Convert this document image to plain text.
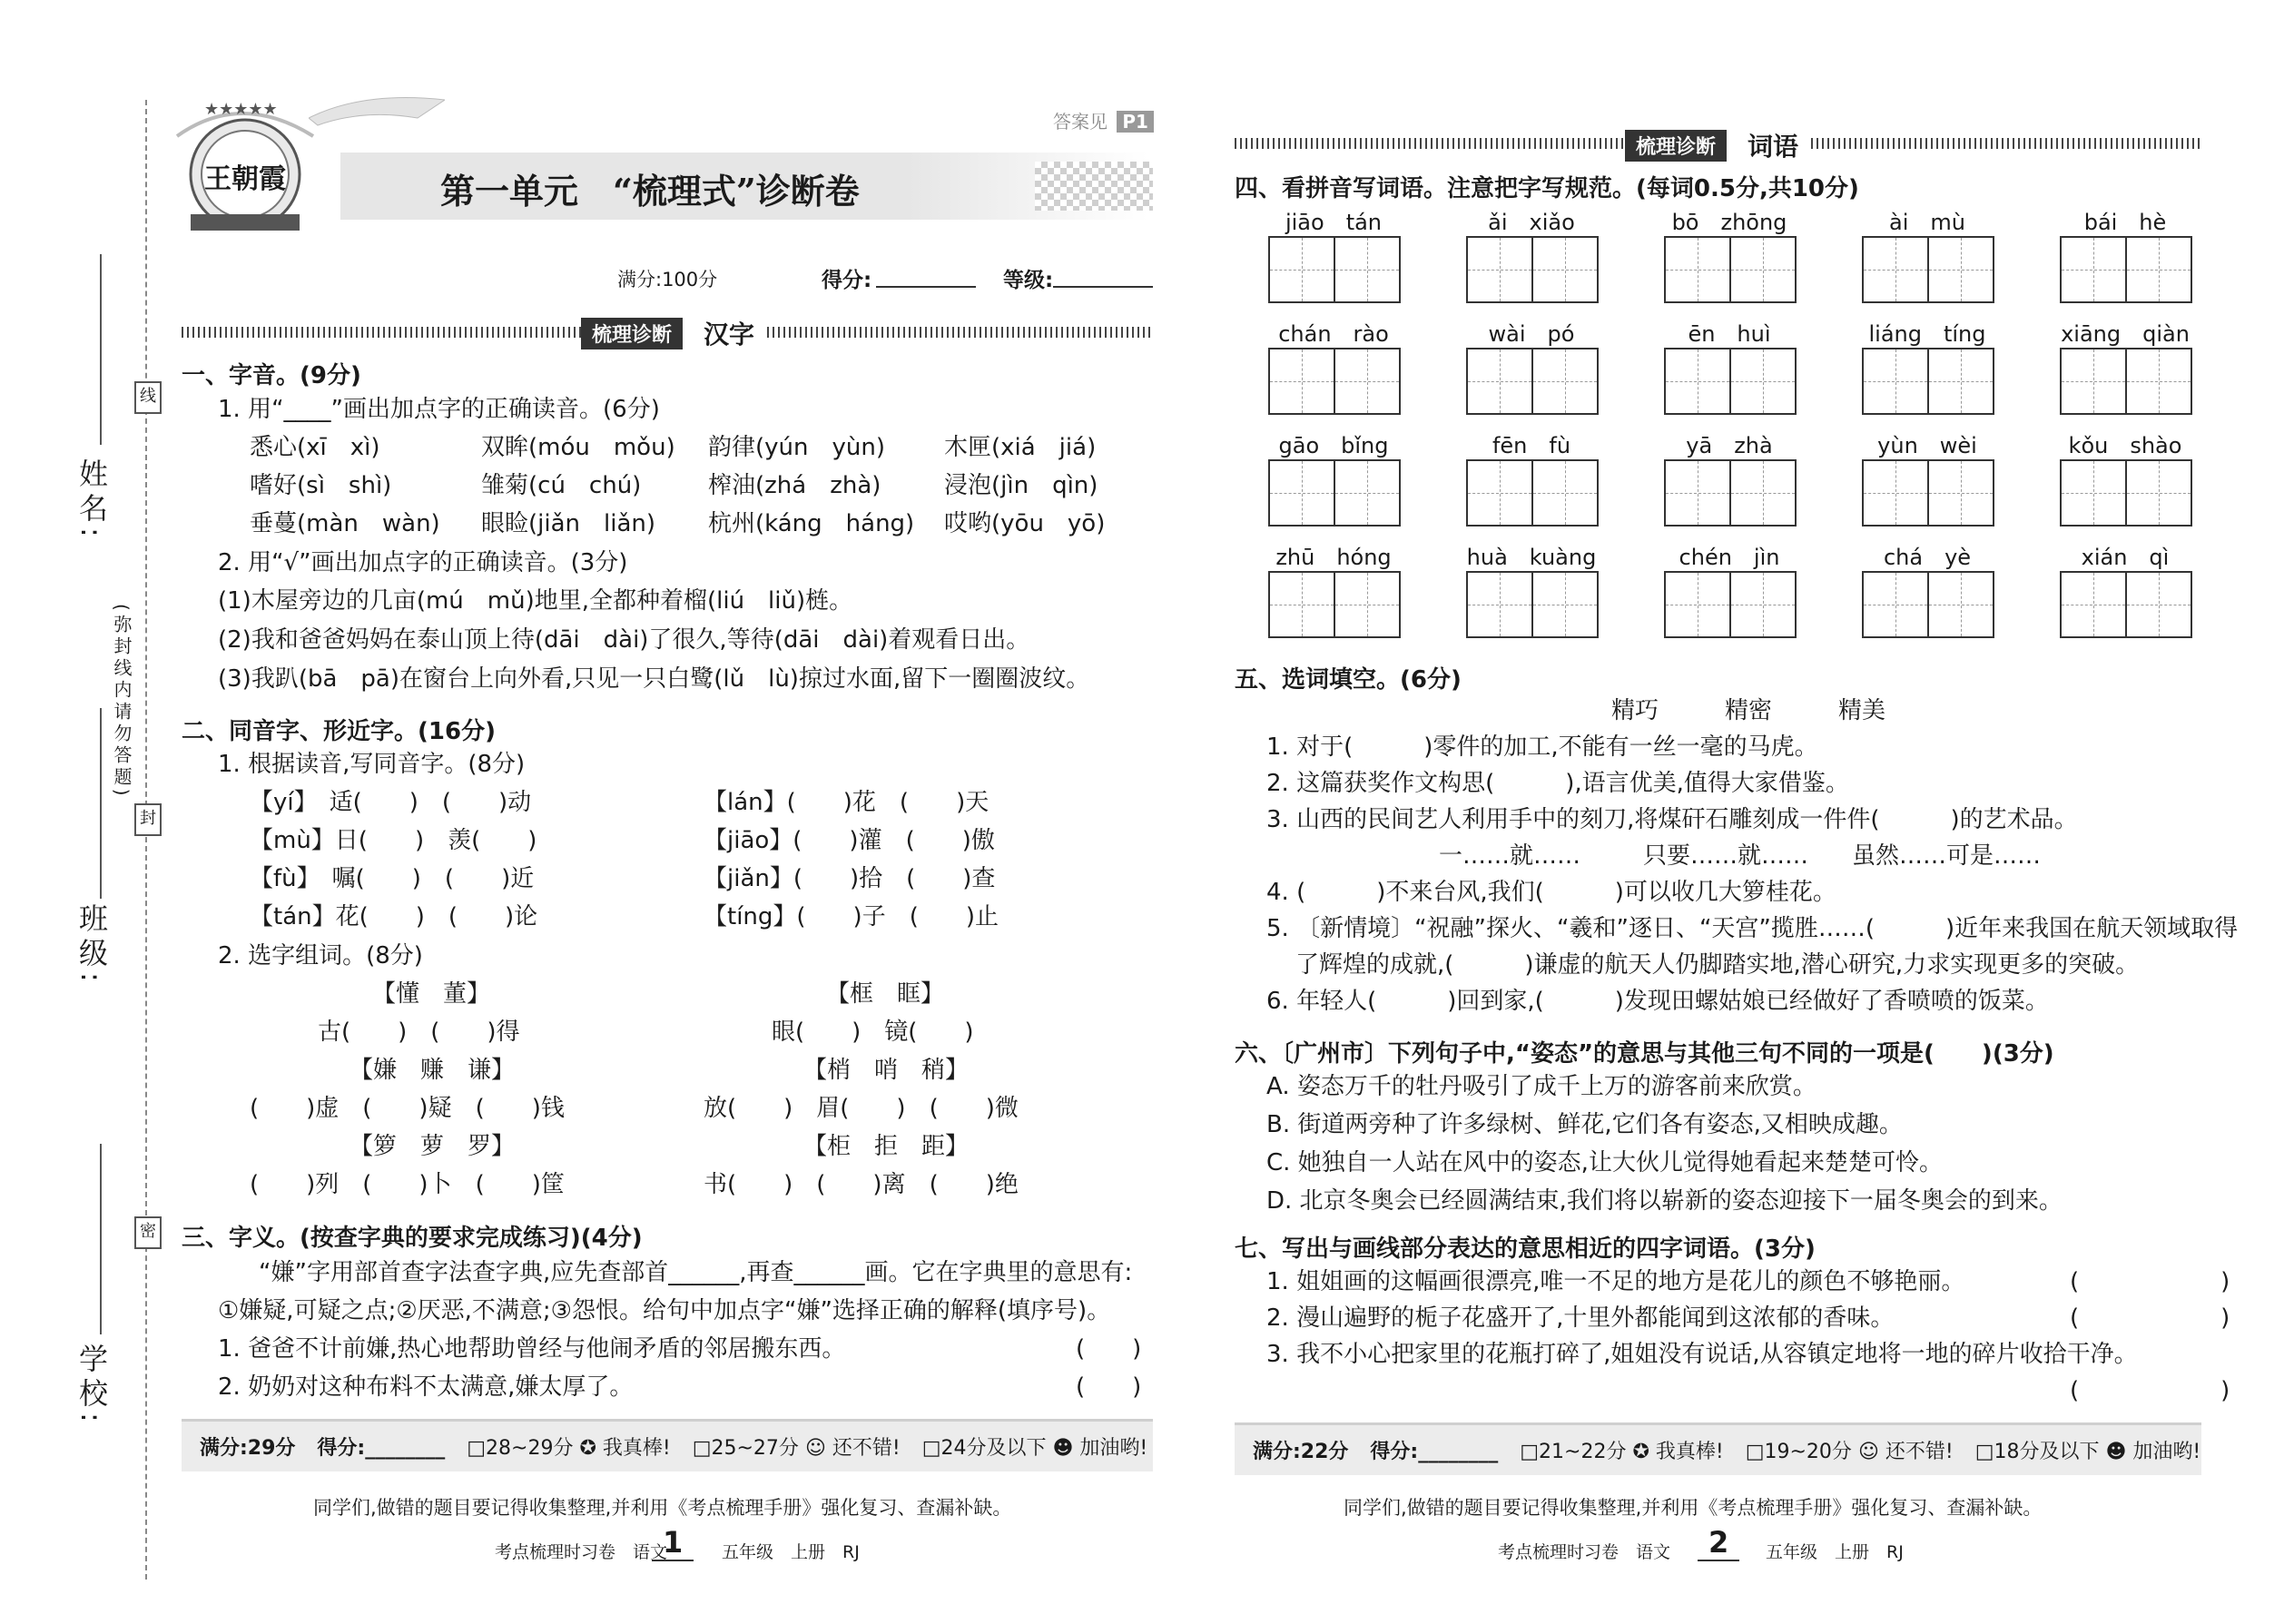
线
封
密
(弥封线内请勿答题)
姓名:
班级:
学校:
★★★★★
王朝霞
答案见 P1
第一单元　“梳理式”诊断卷
满分:100分	得分:	等级:
梳理诊断	汉字
一、字音。(9分)
1. 用“____”画出加点字的正确读音。(6分)
悉心(xī　xì)	双眸(móu　mǒu) 韵律(yún　yùn)	木匣(xiá　jiá)
嗜好(sì　shì)	雏菊(cú　chú)	榨油(zhá　zhà)	浸泡(jìn　qìn)
垂蔓(màn　wàn) 眼睑(jiǎn　liǎn) 杭州(káng　háng) 哎哟(yōu　yō)
2. 用“√”画出加点字的正确读音。(3分)
(1)木屋旁边的几亩(mú　mǔ)地里,全都种着榴(liú　liǔ)梿。
(2)我和爸爸妈妈在泰山顶上待(dāi　dài)了很久,等待(dāi　dài)着观看日出。
(3)我趴(bā　pā)在窗台上向外看,只见一只白鹭(lǔ　lù)掠过水面,留下一圈圈波纹。
二、同音字、形近字。(16分)
1. 根据读音,写同音字。(8分)
【yí】　适(　　)　(　　)动	【lán】(　　)花　(　　)天
【mù】日(　　)　羡(　　)	【jiāo】(　　)灌　(　　)傲
【fù】　嘱(　　)　(　　)近	【jiǎn】(　　)拾　(　　)查
【tán】花(　　)　(　　)论	【tíng】(　　)子　(　　)止
2. 选字组词。(8分)
【懂　董】
古(　　)　(　　)得
【框　眶】
眼(　　)　镜(　　)
【嫌　赚　谦】
(　　)虚　(　　)疑　(　　)钱
【梢　哨　稍】
放(　　)　眉(　　)　(　　)微
【箩　萝　罗】
(　　)列　(　　)卜　(　　)筐
【柜　拒　距】
书(　　)　(　　)离　(　　)绝
三、字义。(按查字典的要求完成练习)(4分)
“嫌”字用部首查字法查字典,应先查部首______,再查______画。它在字典里的意思有:
①嫌疑,可疑之点;②厌恶,不满意;③怨恨。给句中加点字“嫌”选择正确的解释(填序号)。
1. 爸爸不计前嫌,热心地帮助曾经与他闹矛盾的邻居搬东西。	(　　)
2. 奶奶对这种布料不太满意,嫌太厚了。	(　　)
满分:29分 得分:________ □28~29分 ✪ 我真棒! □25~27分 ☺ 还不错! □24分及以下 ☻ 加油哟!
同学们,做错的题目要记得收集整理,并利用《考点梳理手册》强化复习、查漏补缺。
考点梳理时习卷　语文
1	五年级　上册　RJ
梳理诊断	词语
四、看拼音写词语。注意把字写规范。(每词0.5分,共10分)
jiāo　tán	ǎi　xiǎo	bō　zhōng	ài　mù	bái　hè
chán　rào	wài　pó	ēn　huì	liáng　tíng	xiāng　qiàn
gāo　bǐng	fēn　fù	yā　zhà	yùn　wèi	kǒu　shào
zhū　hóng	huà　kuàng	chén　jìn	chá　yè	xián　qì
五、选词填空。(6分)
精巧	精密	精美
1. 对于(　　　)零件的加工,不能有一丝一毫的马虎。
2. 这篇获奖作文构思(　　　),语言优美,值得大家借鉴。
3. 山西的民间艺人利用手中的刻刀,将煤矸石雕刻成一件件(　　　)的艺术品。
一……就……	只要……就…… 虽然……可是……
4. (　　　)不来台风,我们(　　　)可以收几大箩桂花。
5. 〔新情境〕“祝融”探火、“羲和”逐日、“天宫”揽胜……(　　　)近年来我国在航天领域取得
了辉煌的成就,(　　　)谦虚的航天人仍脚踏实地,潜心研究,力求实现更多的突破。
6. 年轻人(　　　)回到家,(　　　)发现田螺姑娘已经做好了香喷喷的饭菜。
六、〔广州市〕下列句子中,“姿态”的意思与其他三句不同的一项是(　　)(3分)
A. 姿态万千的牡丹吸引了成千上万的游客前来欣赏。
B. 街道两旁种了许多绿树、鲜花,它们各有姿态,又相映成趣。
C. 她独自一人站在风中的姿态,让大伙儿觉得她看起来楚楚可怜。
D. 北京冬奥会已经圆满结束,我们将以崭新的姿态迎接下一届冬奥会的到来。
七、写出与画线部分表达的意思相近的四字词语。(3分)
1. 姐姐画的这幅画很漂亮,唯一不足的地方是花儿的颜色不够艳丽。	(　　　　　　)
2. 漫山遍野的栀子花盛开了,十里外都能闻到这浓郁的香味。	(　　　　　　)
3. 我不小心把家里的花瓶打碎了,姐姐没有说话,从容镇定地将一地的碎片收拾干净。
(　　　　　　)
满分:22分 得分:________ □21~22分 ✪ 我真棒! □19~20分 ☺ 还不错! □18分及以下 ☻ 加油哟!
同学们,做错的题目要记得收集整理,并利用《考点梳理手册》强化复习、查漏补缺。
考点梳理时习卷　语文	2	五年级　上册　RJ
